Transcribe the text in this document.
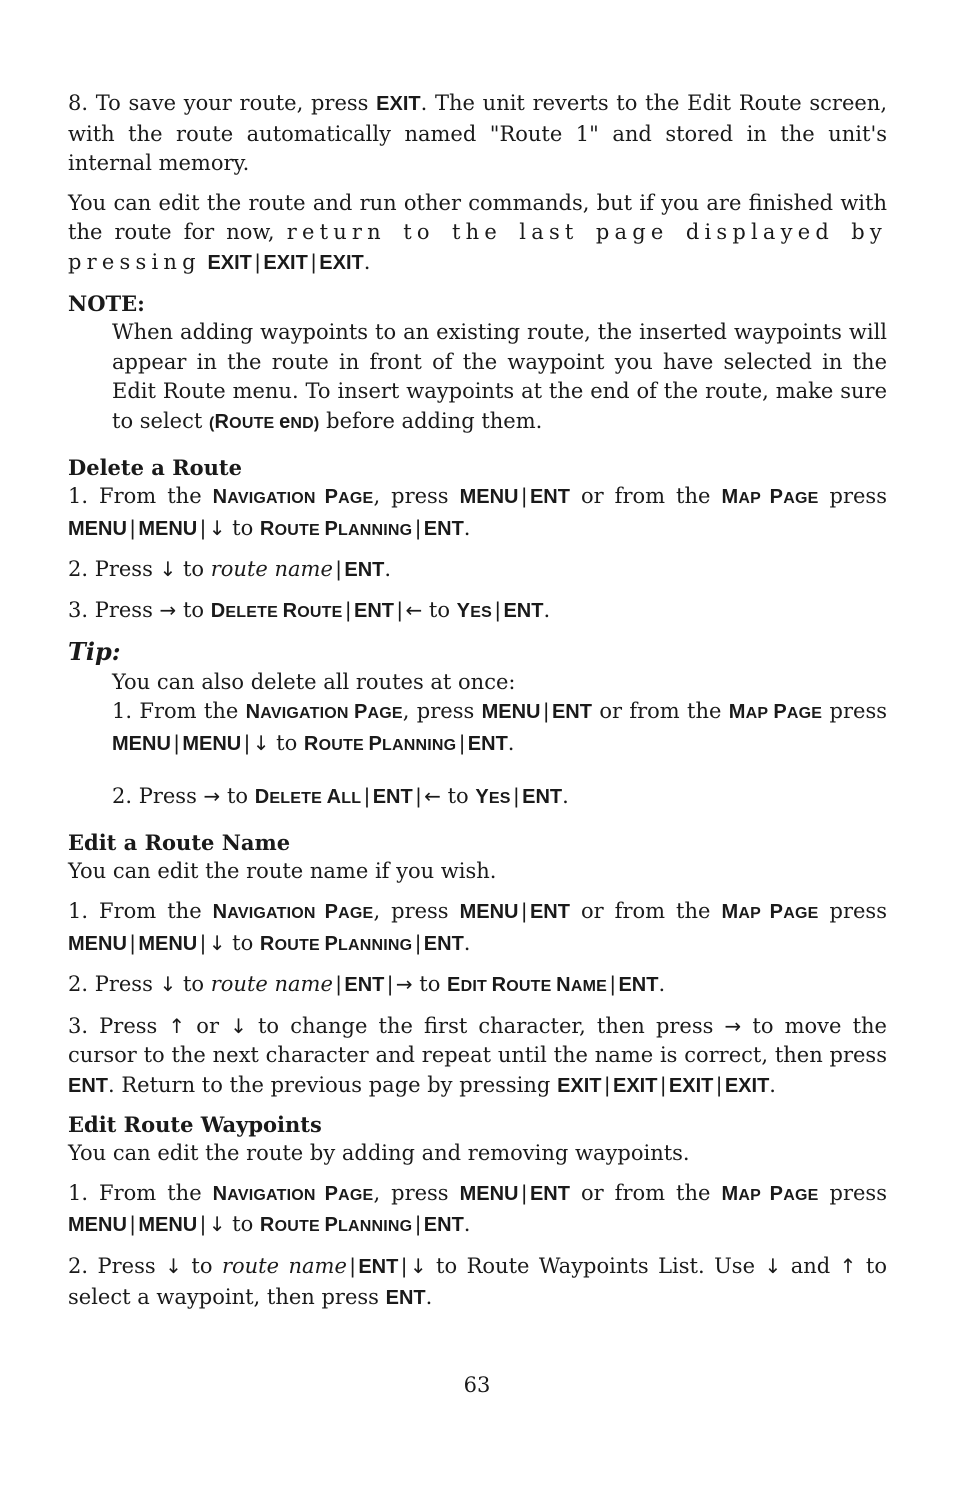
8. To save your route, press EXIT. The unit reverts to the Edit Route screen, with the route automatically named "Route 1" and stored in the unit's internal memory.

You can edit the route and run other commands, but if you are finished with the route for now, return to the last page displayed by pressing EXIT | EXIT | EXIT.

NOTE:

When adding waypoints to an existing route, the inserted waypoints will appear in the route in front of the waypoint you have selected in the Edit Route menu. To insert waypoints at the end of the route, make sure to select (ROUTE eND) before adding them.

Delete a Route

1. From the NAVIGATION PAGE, press MENU | ENT or from the MAP PAGE press MENU | MENU | ↓ to ROUTE PLANNING | ENT.

2. Press ↓ to route name | ENT.

3. Press → to DELETE ROUTE | ENT | ← to YES | ENT.

Tip:

You can also delete all routes at once:

1. From the NAVIGATION PAGE, press MENU | ENT or from the MAP PAGE press MENU | MENU | ↓ to ROUTE PLANNING | ENT.

2. Press → to DELETE ALL | ENT | ← to YES | ENT.

Edit a Route Name

You can edit the route name if you wish.

1. From the NAVIGATION PAGE, press MENU | ENT or from the MAP PAGE press MENU | MENU | ↓ to ROUTE PLANNING | ENT.

2. Press ↓ to route name | ENT | → to EDIT ROUTE NAME | ENT.

3. Press ↑ or ↓ to change the first character, then press → to move the cursor to the next character and repeat until the name is correct, then press ENT. Return to the previous page by pressing EXIT | EXIT | EXIT | EXIT.

Edit Route Waypoints

You can edit the route by adding and removing waypoints.

1. From the NAVIGATION PAGE, press MENU | ENT or from the MAP PAGE press MENU | MENU | ↓ to ROUTE PLANNING | ENT.

2. Press ↓ to route name | ENT | ↓ to Route Waypoints List. Use ↓ and ↑ to select a waypoint, then press ENT.

63
